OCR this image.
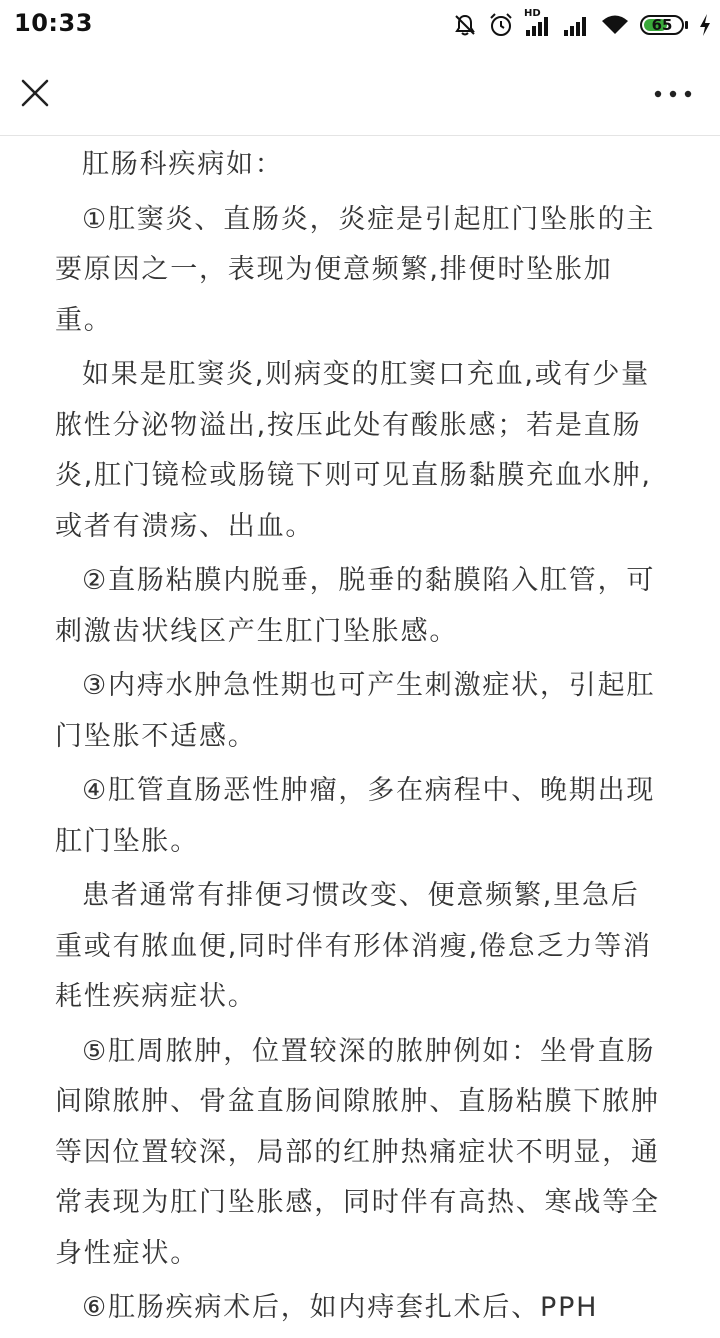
10:33	HD
65

肛肠科疾病如：

①肛窦炎、直肠炎，炎症是引起肛门坠胀的主要原因之一，表现为便意频繁,排便时坠胀加重。

如果是肛窦炎,则病变的肛窦口充血,或有少量脓性分泌物溢出,按压此处有酸胀感；若是直肠炎,肛门镜检或肠镜下则可见直肠黏膜充血水肿,或者有溃疡、出血。

②直肠粘膜内脱垂，脱垂的黏膜陷入肛管，可刺激齿状线区产生肛门坠胀感。

③内痔水肿急性期也可产生刺激症状，引起肛门坠胀不适感。

④肛管直肠恶性肿瘤，多在病程中、晚期出现肛门坠胀。

患者通常有排便习惯改变、便意频繁,里急后重或有脓血便,同时伴有形体消瘦,倦怠乏力等消耗性疾病症状。

⑤肛周脓肿，位置较深的脓肿例如：坐骨直肠间隙脓肿、骨盆直肠间隙脓肿、直肠粘膜下脓肿等因位置较深，局部的红肿热痛症状不明显，通常表现为肛门坠胀感，同时伴有高热、寒战等全身性症状。

⑥肛肠疾病术后，如内痔套扎术后、PPH
